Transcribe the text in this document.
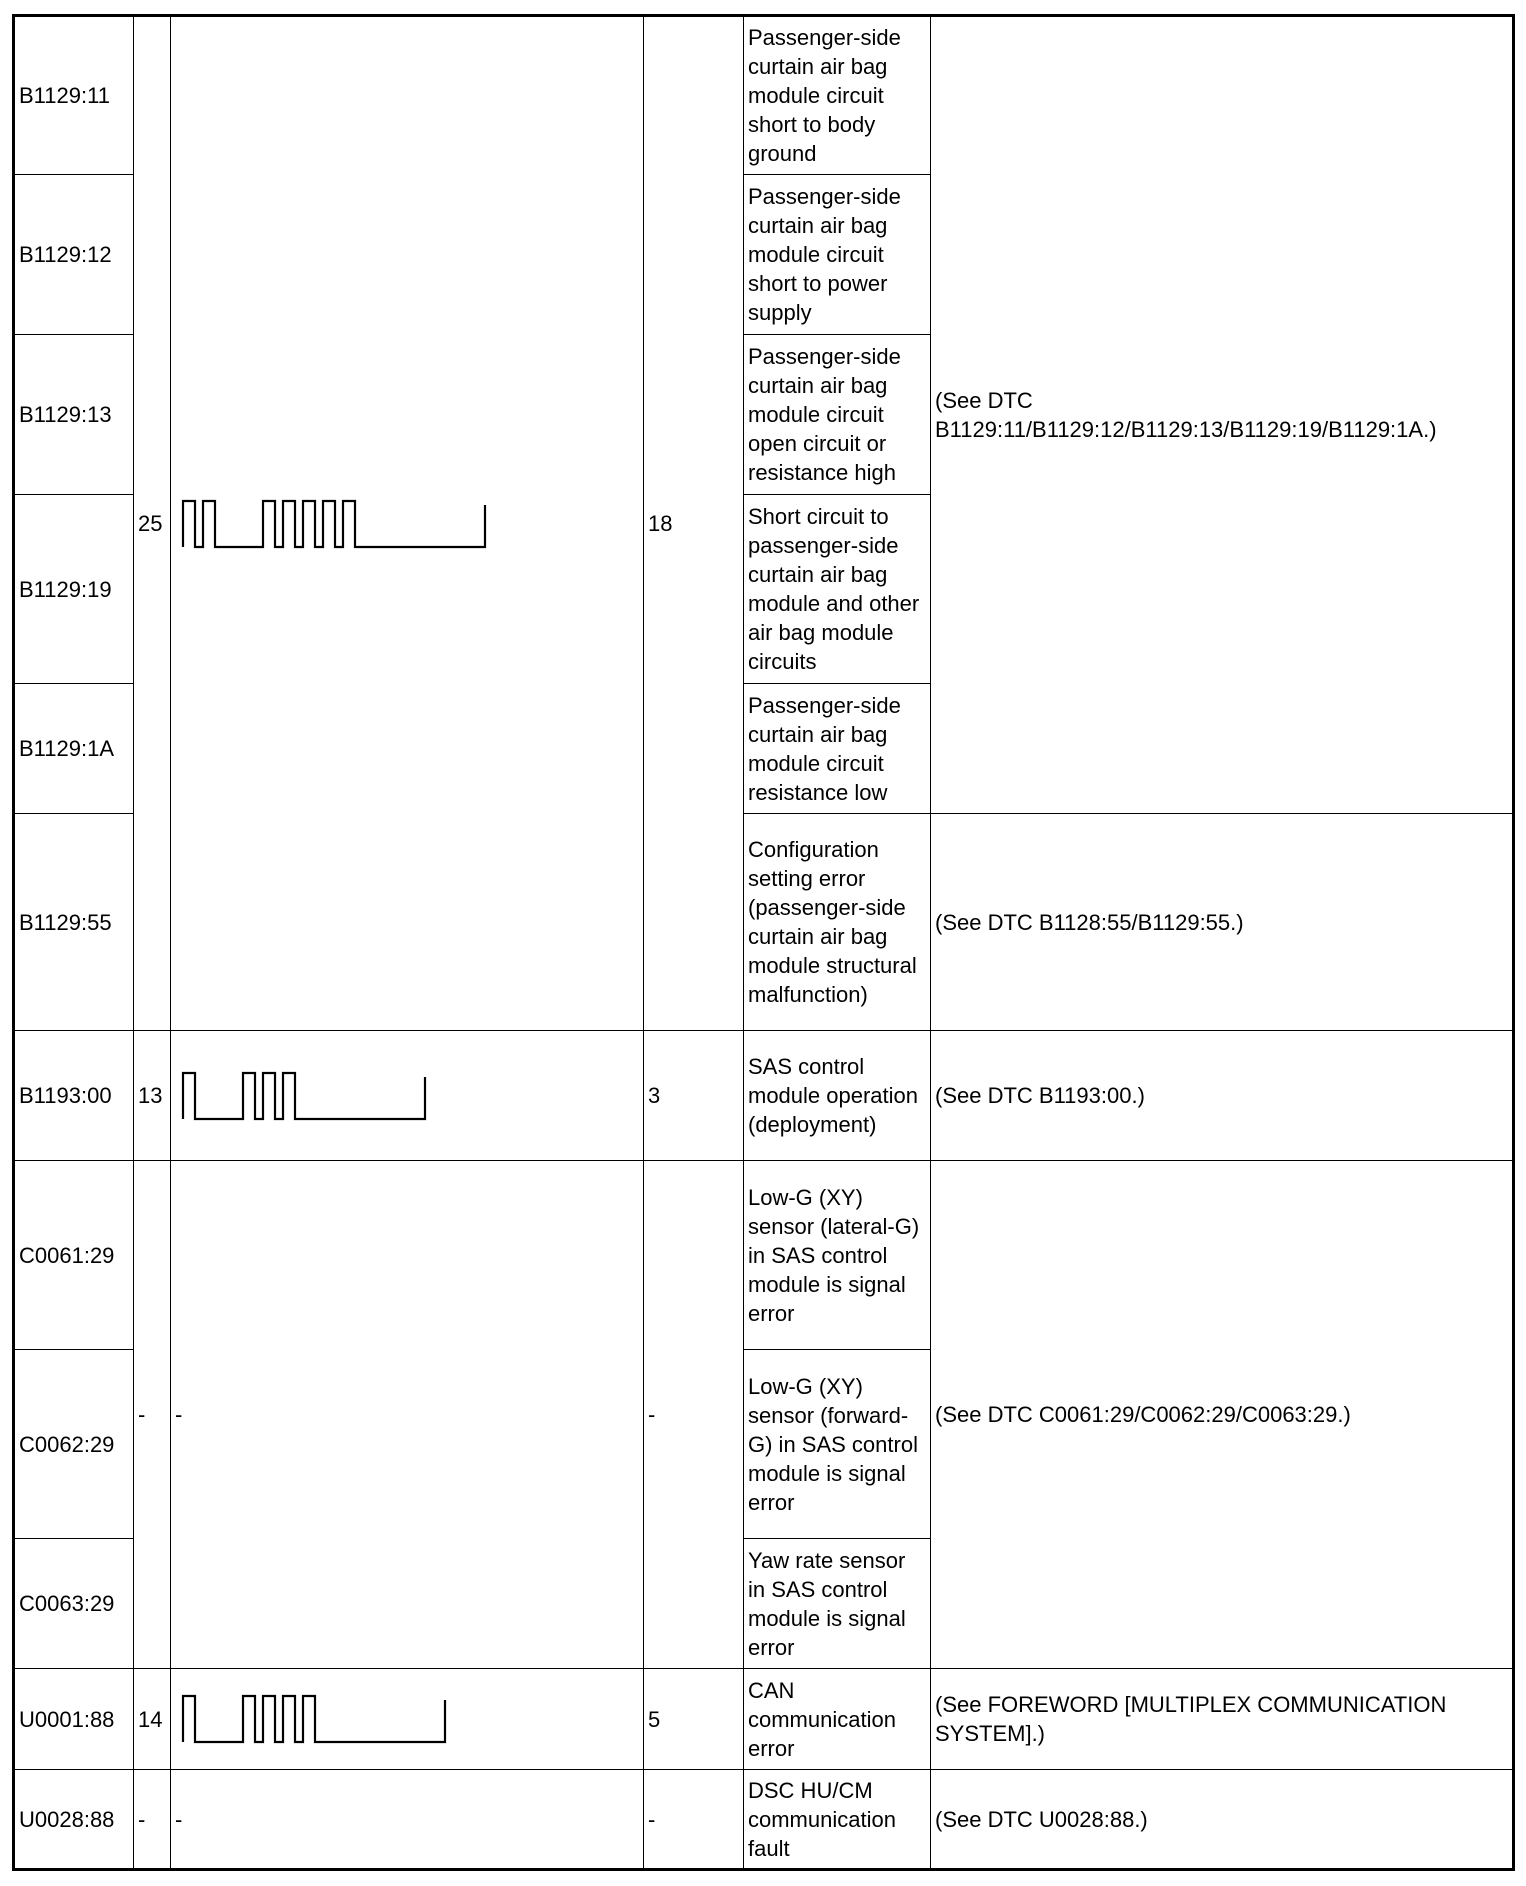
B1129:11	25		18	Passenger-side curtain air bag module circuit short to body ground	(See DTC B1129:11/B1129:12/B1129:13/B1129:19/B1129:1A.)
B1129:12				Passenger-side curtain air bag module circuit short to power supply	
B1129:13				Passenger-side curtain air bag module circuit open circuit or resistance high	
B1129:19				Short circuit to passenger-side curtain air bag module and other air bag module circuits	
B1129:1A				Passenger-side curtain air bag module circuit resistance low	
B1129:55				Configuration setting error (passenger-side curtain air bag module structural malfunction)	(See DTC B1128:55/B1129:55.)
B1193:00	13		3	SAS control module operation (deployment)	(See DTC B1193:00.)
C0061:29	-	-	-	Low-G (XY) sensor (lateral-G) in SAS control module is signal error	(See DTC C0061:29/C0062:29/C0063:29.)
C0062:29				Low-G (XY) sensor (forward-G) in SAS control module is signal error	
C0063:29				Yaw rate sensor in SAS control module is signal error	
U0001:88	14		5	CAN communication error	(See FOREWORD [MULTIPLEX COMMUNICATION SYSTEM].)
U0028:88	-	-	-	DSC HU/CM communication fault	(See DTC U0028:88.)
